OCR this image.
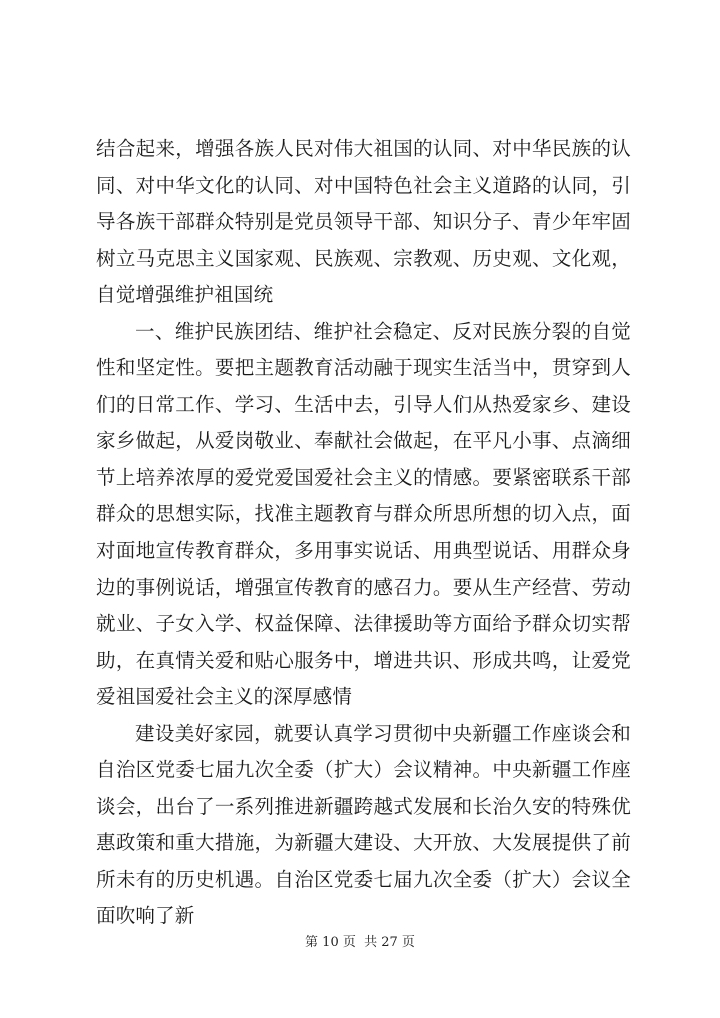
结合起来，增强各族人民对伟大祖国的认同、对中华民族的认同、对中华文化的认同、对中国特色社会主义道路的认同，引导各族干部群众特别是党员领导干部、知识分子、青少年牢固树立马克思主义国家观、民族观、宗教观、历史观、文化观，自觉增强维护祖国统

一、维护民族团结、维护社会稳定、反对民族分裂的自觉性和坚定性。要把主题教育活动融于现实生活当中，贯穿到人们的日常工作、学习、生活中去，引导人们从热爱家乡、建设家乡做起，从爱岗敬业、奉献社会做起，在平凡小事、点滴细节上培养浓厚的爱党爱国爱社会主义的情感。要紧密联系干部群众的思想实际，找准主题教育与群众所思所想的切入点，面对面地宣传教育群众，多用事实说话、用典型说话、用群众身边的事例说话，增强宣传教育的感召力。要从生产经营、劳动就业、子女入学、权益保障、法律援助等方面给予群众切实帮助，在真情关爱和贴心服务中，增进共识、形成共鸣，让爱党爱祖国爱社会主义的深厚感情

建设美好家园，就要认真学习贯彻中央新疆工作座谈会和自治区党委七届九次全委（扩大）会议精神。中央新疆工作座谈会，出台了一系列推进新疆跨越式发展和长治久安的特殊优惠政策和重大措施，为新疆大建设、大开放、大发展提供了前所未有的历史机遇。自治区党委七届九次全委（扩大）会议全面吹响了新

第 10 页  共 27 页
